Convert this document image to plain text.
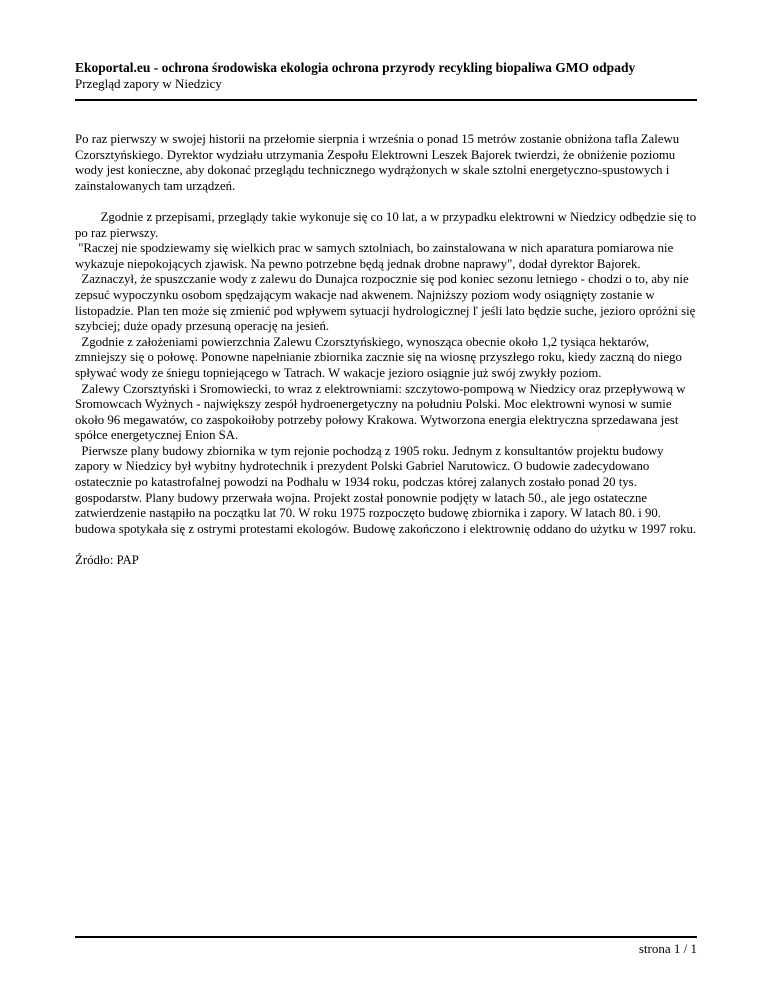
Ekoportal.eu - ochrona środowiska ekologia ochrona przyrody recykling biopaliwa GMO odpady
Przegląd zapory w Niedzicy

Po raz pierwszy w swojej historii na przełomie sierpnia i września o ponad 15 metrów zostanie obniżona tafla Zalewu Czorsztyńskiego. Dyrektor wydziału utrzymania Zespołu Elektrowni Leszek Bajorek twierdzi, że obniżenie poziomu wody jest konieczne, aby dokonać przeglądu technicznego wydrążonych w skale sztolni energetyczno-spustowych i zainstalowanych tam urządzeń.

Zgodnie z przepisami, przeglądy takie wykonuje się co 10 lat, a w przypadku elektrowni w Niedzicy odbędzie się to po raz pierwszy.

"Raczej nie spodziewamy się wielkich prac w samych sztolniach, bo zainstalowana w nich aparatura pomiarowa nie wykazuje niepokojących zjawisk. Na pewno potrzebne będą jednak drobne naprawy", dodał dyrektor Bajorek.

Zaznaczył, że spuszczanie wody z zalewu do Dunajca rozpocznie się pod koniec sezonu letniego - chodzi o to, aby nie zepsuć wypoczynku osobom spędzającym wakacje nad akwenem. Najniższy poziom wody osiągnięty zostanie w listopadzie. Plan ten może się zmienić pod wpływem sytuacji hydrologicznej ľ jeśli lato będzie suche, jezioro opróżni się szybciej; duże opady przesuną operację na jesień.

Zgodnie z założeniami powierzchnia Zalewu Czorsztyńskiego, wynosząca obecnie około 1,2 tysiąca hektarów, zmniejszy się o połowę. Ponowne napełnianie zbiornika zacznie się na wiosnę przyszłego roku, kiedy zaczną do niego spływać wody ze śniegu topniejącego w Tatrach. W wakacje jezioro osiągnie już swój zwykły poziom.

Zalewy Czorsztyński i Sromowiecki, to wraz z elektrowniami: szczytowo-pompową w Niedzicy oraz przepływową w Sromowcach Wyżnych - największy zespół hydroenergetyczny na południu Polski. Moc elektrowni wynosi w sumie około 96 megawatów, co zaspokoiłoby potrzeby połowy Krakowa. Wytworzona energia elektryczna sprzedawana jest spółce energetycznej Enion SA.

Pierwsze plany budowy zbiornika w tym rejonie pochodzą z 1905 roku. Jednym z konsultantów projektu budowy zapory w Niedzicy był wybitny hydrotechnik i prezydent Polski Gabriel Narutowicz. O budowie zadecydowano ostatecznie po katastrofalnej powodzi na Podhalu w 1934 roku, podczas której zalanych zostało ponad 20 tys. gospodarstw. Plany budowy przerwała wojna. Projekt został ponownie podjęty w latach 50., ale jego ostateczne zatwierdzenie nastąpiło na początku lat 70. W roku 1975 rozpoczęto budowę zbiornika i zapory. W latach 80. i 90. budowa spotykała się z ostrymi protestami ekologów. Budowę zakończono i elektrownię oddano do użytku w 1997 roku.

Źródło: PAP

strona 1 / 1
